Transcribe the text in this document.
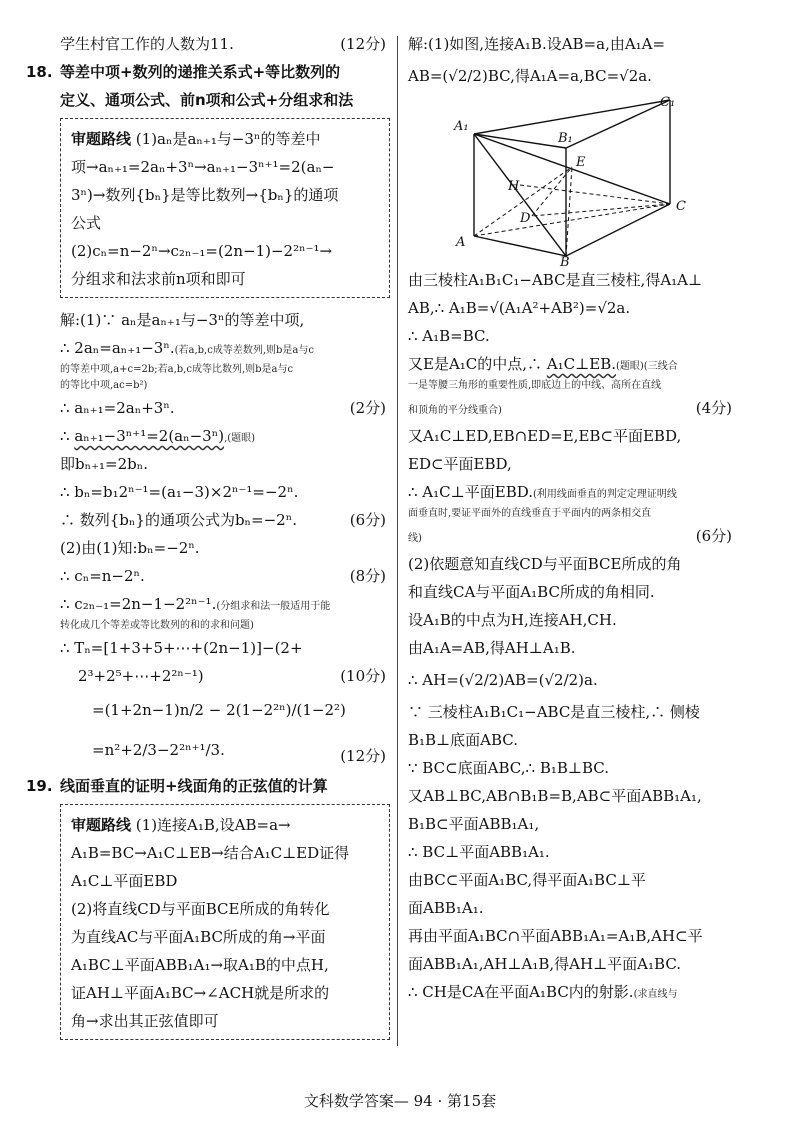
学生村官工作的人数为11.	(12分)
18. 等差中项+数列的递推关系式+等比数列的
定义、通项公式、前n项和公式+分组求和法
审题路线 (1)aₙ是aₙ₊₁与−3ⁿ的等差中
项→aₙ₊₁=2aₙ+3ⁿ→aₙ₊₁−3ⁿ⁺¹=2(aₙ−
3ⁿ)→数列{bₙ}是等比数列→{bₙ}的通项
公式
(2)cₙ=n−2ⁿ→c₂ₙ₋₁=(2n−1)−2²ⁿ⁻¹→
分组求和法求前n项和即可
解:(1)∵ aₙ是aₙ₊₁与−3ⁿ的等差中项,
∴ 2aₙ=aₙ₊₁−3ⁿ.(若a,b,c成等差数列,则b是a与c
的等差中项,a+c=2b;若a,b,c成等比数列,则b是a与c
的等比中项,ac=b²)
∴ aₙ₊₁=2aₙ+3ⁿ.	(2分)
∴ aₙ₊₁−3ⁿ⁺¹=2(aₙ−3ⁿ),(题眼)
即bₙ₊₁=2bₙ.
∴ bₙ=b₁2ⁿ⁻¹=(a₁−3)×2ⁿ⁻¹=−2ⁿ.
∴ 数列{bₙ}的通项公式为bₙ=−2ⁿ.	(6分)
(2)由(1)知:bₙ=−2ⁿ.
∴ cₙ=n−2ⁿ.	(8分)
∴ c₂ₙ₋₁=2n−1−2²ⁿ⁻¹.(分组求和法一般适用于能
转化成几个等差或等比数列的和的求和问题)
∴ Tₙ=[1+3+5+⋯+(2n−1)]−(2+
2³+2⁵+⋯+2²ⁿ⁻¹)	(10分)
=(1+2n−1)n/2 − 2(1−2²ⁿ)/(1−2²)
=n²+2/3−2²ⁿ⁺¹/3.	(12分)
19. 线面垂直的证明+线面角的正弦值的计算
审题路线 (1)连接A₁B,设AB=a→
A₁B=BC→A₁C⊥EB→结合A₁C⊥ED证得
A₁C⊥平面EBD
(2)将直线CD与平面BCE所成的角转化
为直线AC与平面A₁BC所成的角→平面
A₁BC⊥平面ABB₁A₁→取A₁B的中点H,
证AH⊥平面A₁BC→∠ACH就是所求的
角→求出其正弦值即可
解:(1)如图,连接A₁B.设AB=a,由A₁A=
AB=(√2/2)BC,得A₁A=a,BC=√2a.
A₁
B₁
C₁
A
B
C
E
H
D
由三棱柱A₁B₁C₁−ABC是直三棱柱,得A₁A⊥
AB,∴ A₁B=√(A₁A²+AB²)=√2a.
∴ A₁B=BC.
又E是A₁C的中点,∴ A₁C⊥EB.(题眼)(三线合
一是等腰三角形的重要性质,即底边上的中线、高所在直线
和顶角的平分线重合)	(4分)
又A₁C⊥ED,EB∩ED=E,EB⊂平面EBD,
ED⊂平面EBD,
∴ A₁C⊥平面EBD.(利用线面垂直的判定定理证明线
面垂直时,要证平面外的直线垂直于平面内的两条相交直
线)	(6分)
(2)依题意知直线CD与平面BCE所成的角
和直线CA与平面A₁BC所成的角相同.
设A₁B的中点为H,连接AH,CH.
由A₁A=AB,得AH⊥A₁B.
∴ AH=(√2/2)AB=(√2/2)a.
∵ 三棱柱A₁B₁C₁−ABC是直三棱柱,∴ 侧棱
B₁B⊥底面ABC.
∵ BC⊂底面ABC,∴ B₁B⊥BC.
又AB⊥BC,AB∩B₁B=B,AB⊂平面ABB₁A₁,
B₁B⊂平面ABB₁A₁,
∴ BC⊥平面ABB₁A₁.
由BC⊂平面A₁BC,得平面A₁BC⊥平
面ABB₁A₁.
再由平面A₁BC∩平面ABB₁A₁=A₁B,AH⊂平
面ABB₁A₁,AH⊥A₁B,得AH⊥平面A₁BC.
∴ CH是CA在平面A₁BC内的射影.(求直线与
文科数学答案— 94 · 第15套
